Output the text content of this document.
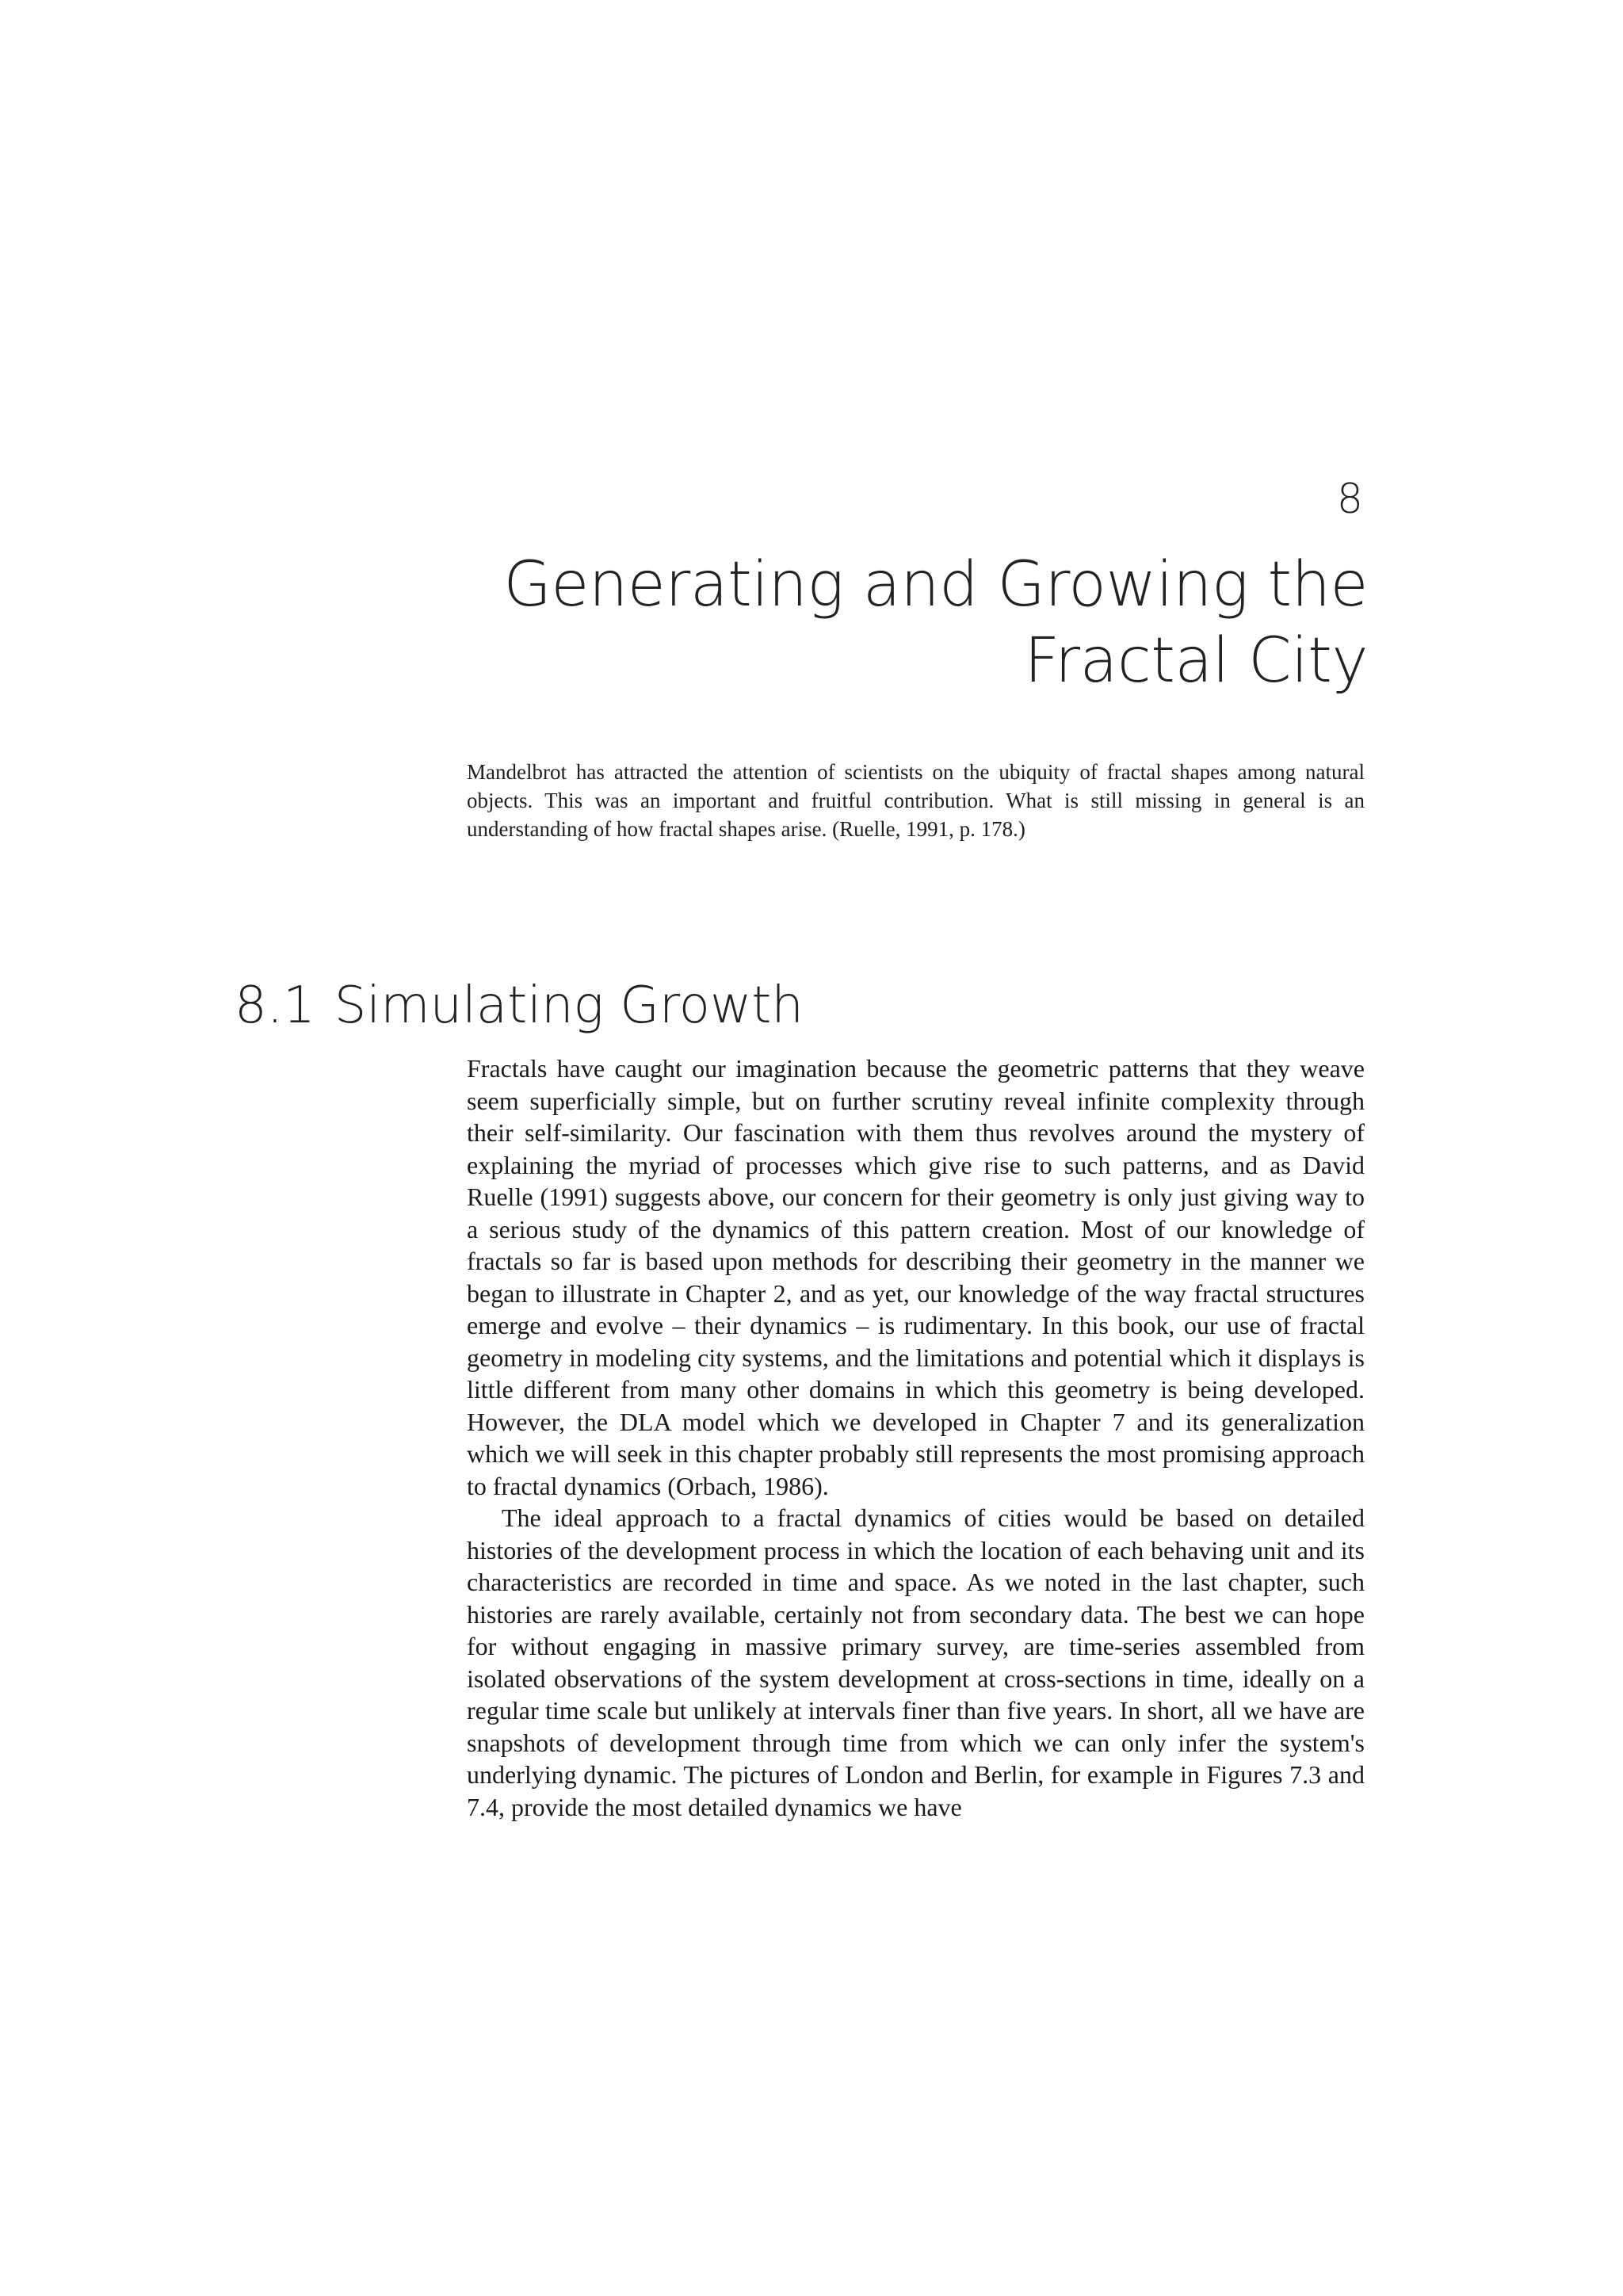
8
Generating and Growing the
Fractal City
Mandelbrot has attracted the attention of scientists on the ubiquity of fractal shapes among natural objects. This was an important and fruitful contribution. What is still missing in general is an understanding of how fractal shapes arise. (Ruelle, 1991, p. 178.)
8.1 Simulating Growth

Fractals have caught our imagination because the geometric patterns that they weave seem superficially simple, but on further scrutiny reveal infinite complexity through their self-similarity. Our fascination with them thus revolves around the mystery of explaining the myriad of processes which give rise to such patterns, and as David Ruelle (1991) suggests above, our concern for their geometry is only just giving way to a serious study of the dynamics of this pattern creation. Most of our knowledge of fractals so far is based upon methods for describing their geometry in the manner we began to illustrate in Chapter 2, and as yet, our knowledge of the way fractal structures emerge and evolve – their dynamics – is rudimentary. In this book, our use of fractal geometry in modeling city systems, and the limitations and potential which it displays is little different from many other domains in which this geometry is being developed. However, the DLA model which we developed in Chapter 7 and its generalization which we will seek in this chapter probably still represents the most promising approach to fractal dynamics (Orbach, 1986).

The ideal approach to a fractal dynamics of cities would be based on detailed histories of the development process in which the location of each behaving unit and its characteristics are recorded in time and space. As we noted in the last chapter, such histories are rarely available, certainly not from secondary data. The best we can hope for without engaging in massive primary survey, are time-series assembled from isolated observations of the system development at cross-sections in time, ideally on a regular time scale but unlikely at intervals finer than five years. In short, all we have are snapshots of development through time from which we can only infer the system's underlying dynamic. The pictures of London and Berlin, for example in Figures 7.3 and 7.4, provide the most detailed dynamics we have
